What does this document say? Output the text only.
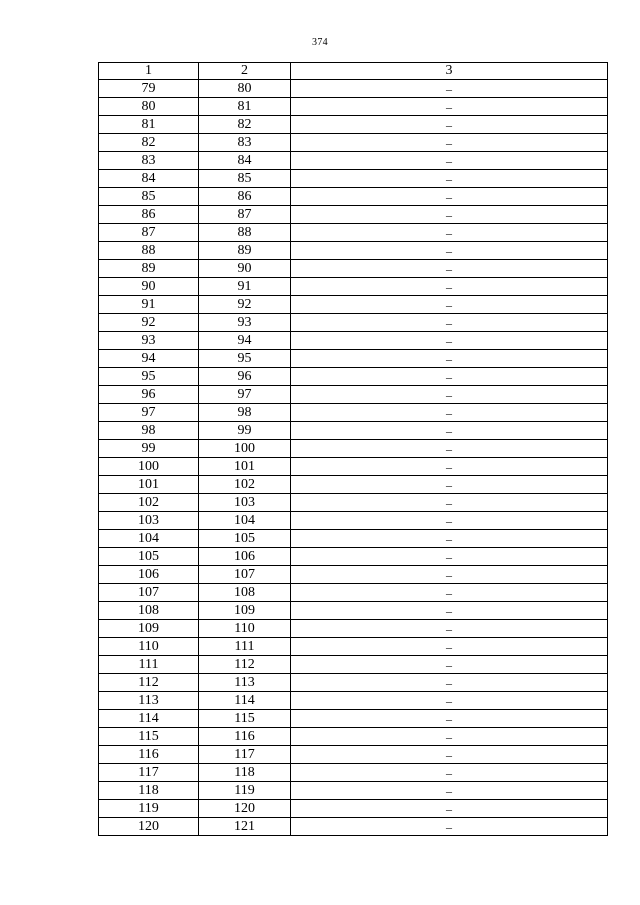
374
1	2	3
79	80	–
80	81	–
81	82	–
82	83	–
83	84	–
84	85	–
85	86	–
86	87	–
87	88	–
88	89	–
89	90	–
90	91	–
91	92	–
92	93	–
93	94	–
94	95	–
95	96	–
96	97	–
97	98	–
98	99	–
99	100	–
100	101	–
101	102	–
102	103	–
103	104	–
104	105	–
105	106	–
106	107	–
107	108	–
108	109	–
109	110	–
110	111	–
111	112	–
112	113	–
113	114	–
114	115	–
115	116	–
116	117	–
117	118	–
118	119	–
119	120	–
120	121	–
